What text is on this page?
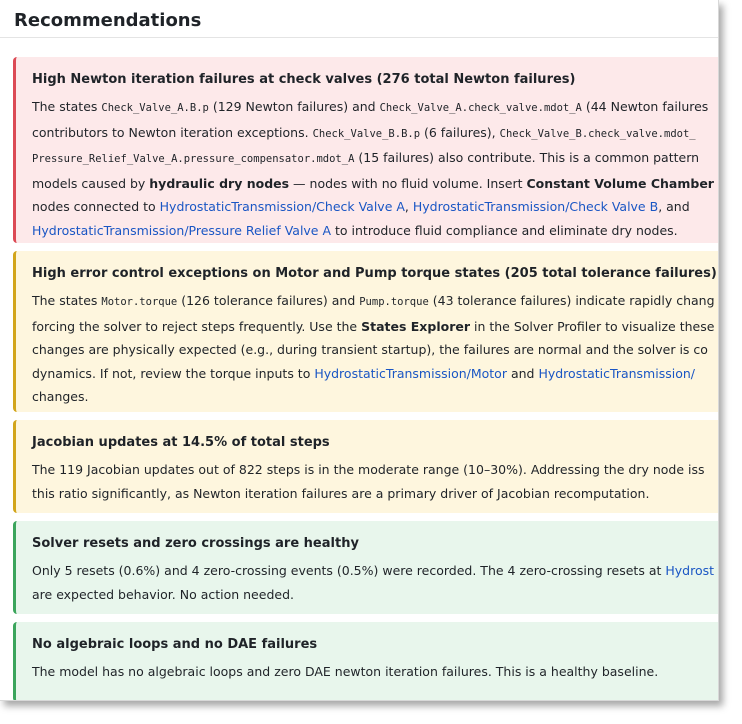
Recommendations
High Newton iteration failures at check valves (276 total Newton failures)
The states Check_Valve_A.B.p (129 Newton failures) and Check_Valve_A.check_valve.mdot_A (44 Newton failures
contributors to Newton iteration exceptions. Check_Valve_B.B.p (6 failures), Check_Valve_B.check_valve.mdot_
Pressure_Relief_Valve_A.pressure_compensator.mdot_A (15 failures) also contribute. This is a common pattern
models caused by hydraulic dry nodes — nodes with no fluid volume. Insert Constant Volume Chamber
nodes connected to HydrostaticTransmission/Check Valve A, HydrostaticTransmission/Check Valve B, and
HydrostaticTransmission/Pressure Relief Valve A to introduce fluid compliance and eliminate dry nodes.
High error control exceptions on Motor and Pump torque states (205 total tolerance failures)
The states Motor.torque (126 tolerance failures) and Pump.torque (43 tolerance failures) indicate rapidly chang
forcing the solver to reject steps frequently. Use the States Explorer in the Solver Profiler to visualize these
changes are physically expected (e.g., during transient startup), the failures are normal and the solver is co
dynamics. If not, review the torque inputs to HydrostaticTransmission/Motor and HydrostaticTransmission/
changes.
Jacobian updates at 14.5% of total steps
The 119 Jacobian updates out of 822 steps is in the moderate range (10–30%). Addressing the dry node iss
this ratio significantly, as Newton iteration failures are a primary driver of Jacobian recomputation.
Solver resets and zero crossings are healthy
Only 5 resets (0.6%) and 4 zero-crossing events (0.5%) were recorded. The 4 zero-crossing resets at Hydrost
are expected behavior. No action needed.
No algebraic loops and no DAE failures
The model has no algebraic loops and zero DAE newton iteration failures. This is a healthy baseline.
